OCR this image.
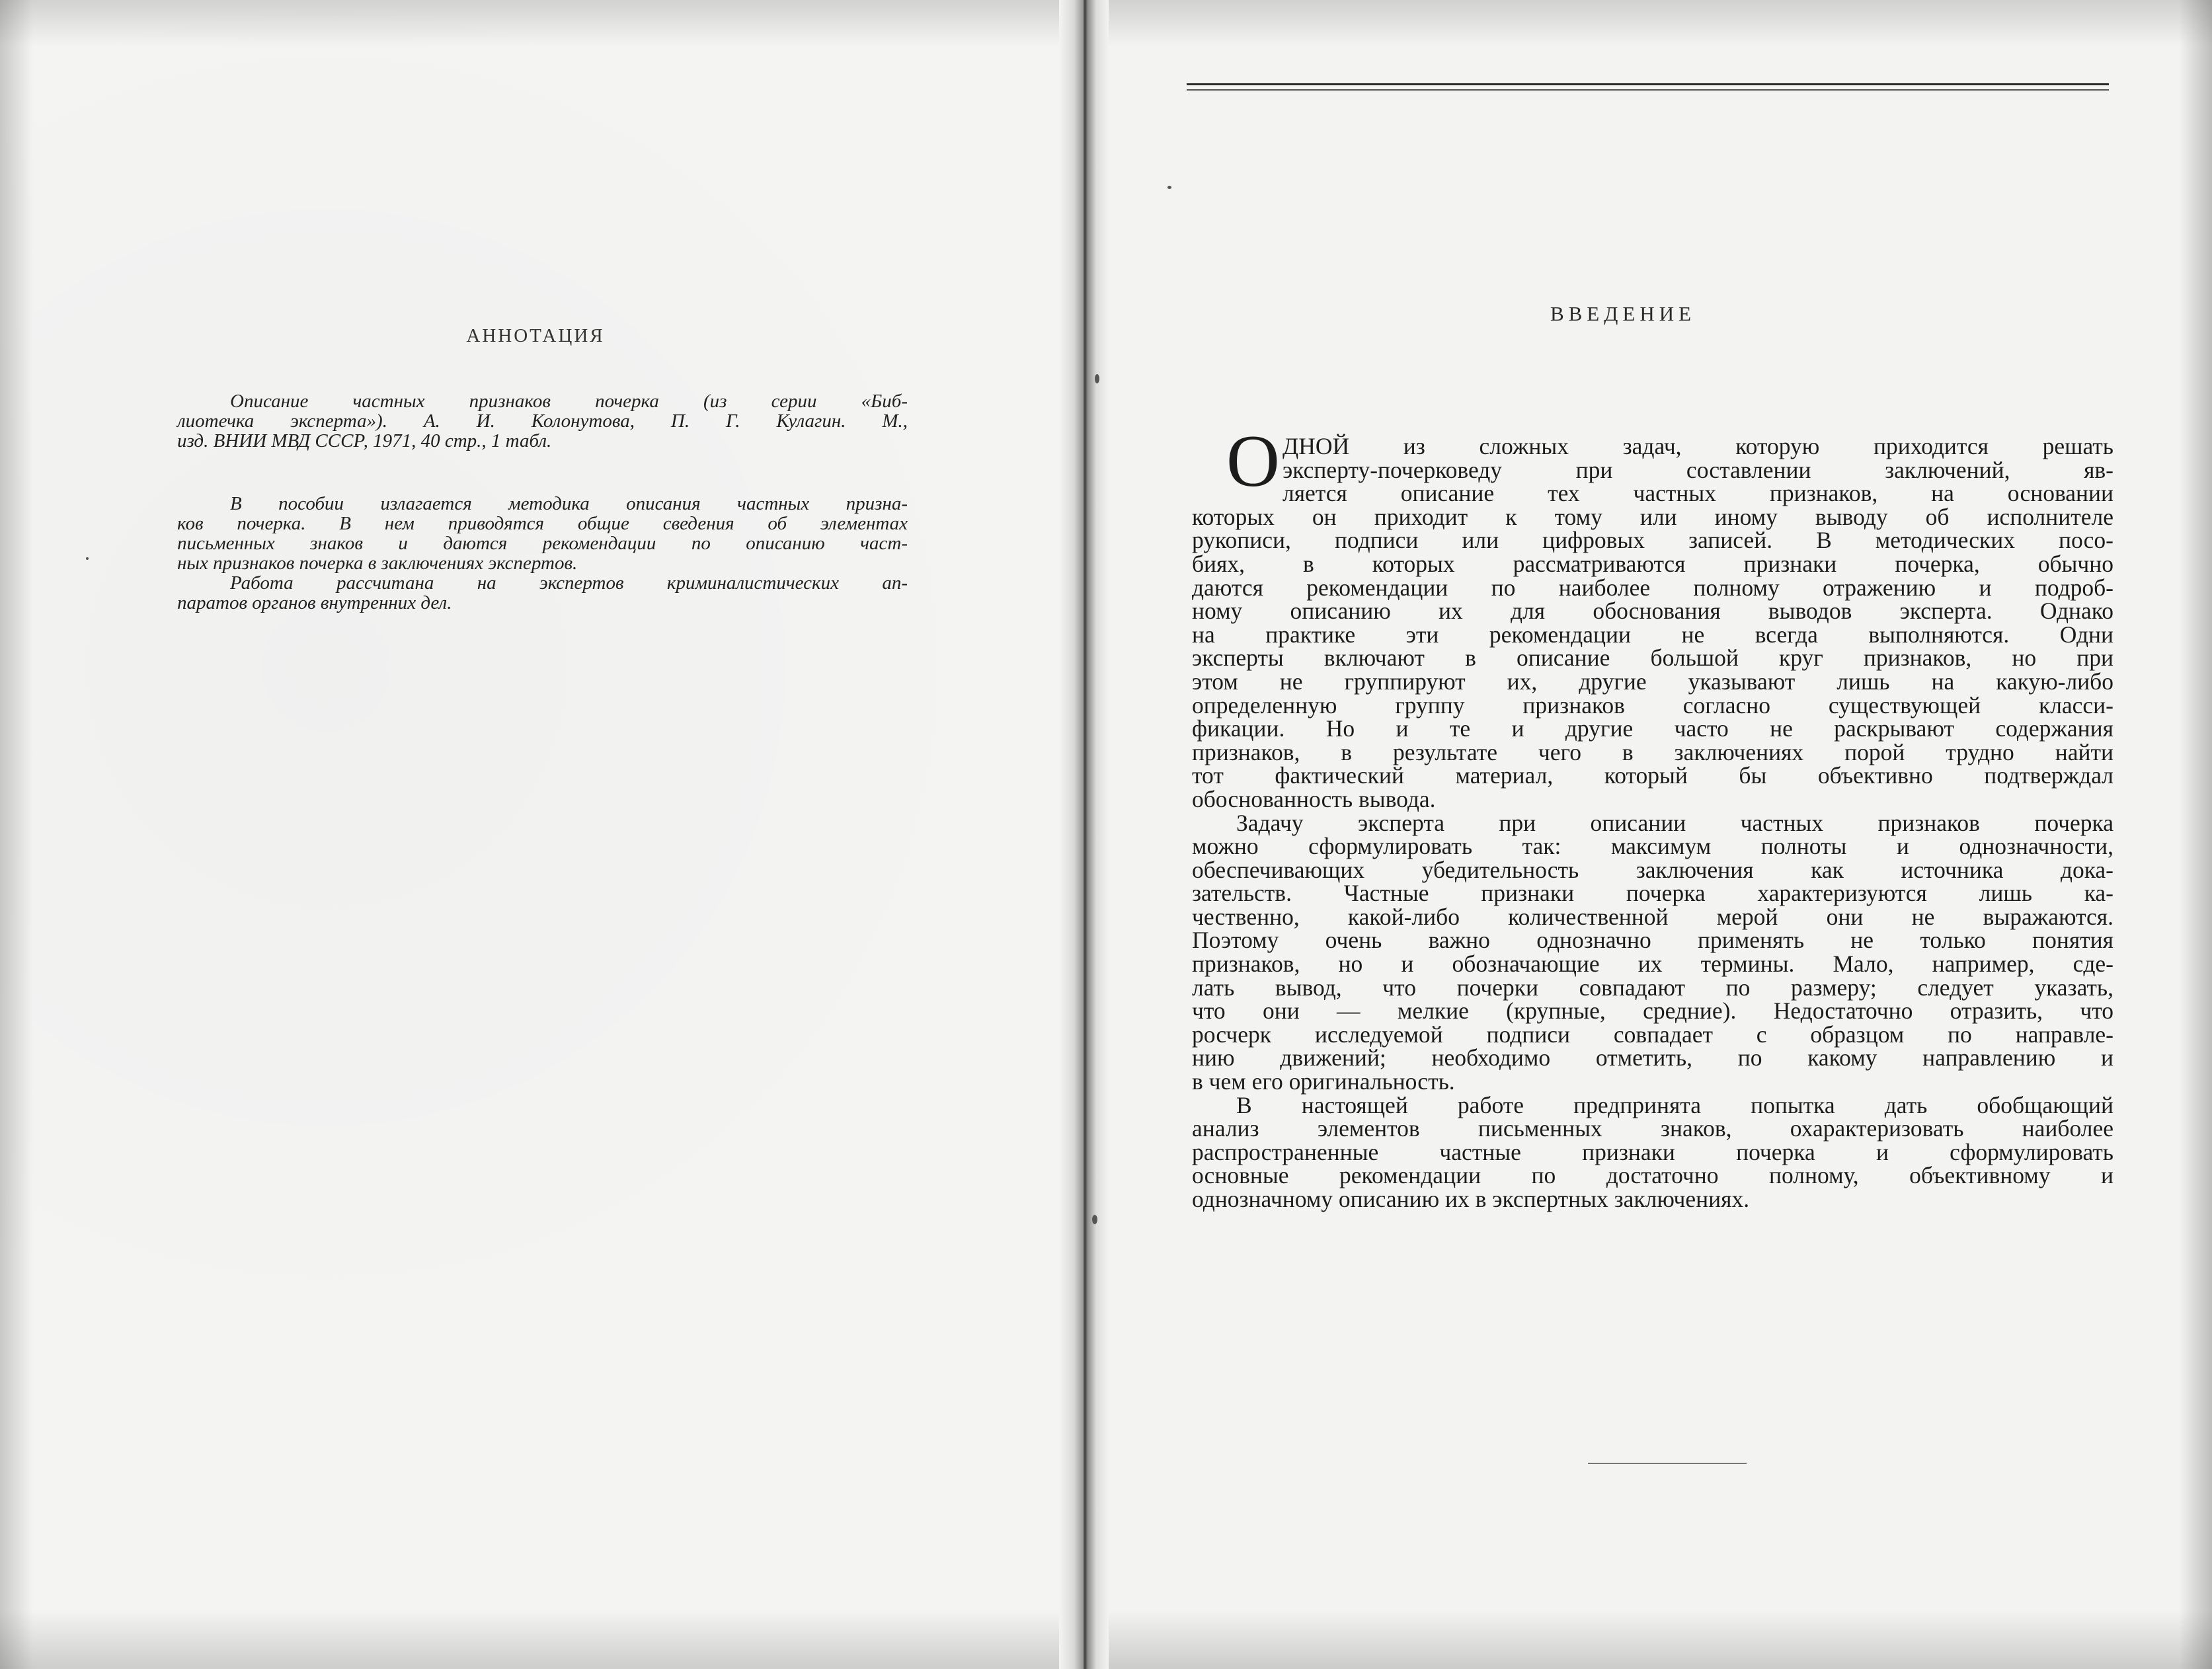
АННОТАЦИЯ
Описание частных признаков почерка (из серии «Биб-
лиотечка эксперта»). А. И. Колонутова, П. Г. Кулагин. М.,
изд. ВНИИ МВД СССР, 1971, 40 стр., 1 табл.
В пособии излагается методика описания частных призна-
ков почерка. В нем приводятся общие сведения об элементах
письменных знаков и даются рекомендации по описанию част-
ных признаков почерка в заключениях экспертов.
Работа рассчитана на экспертов криминалистических ап-
паратов органов внутренних дел.
ВВЕДЕНИЕ
О ДНОЙ из сложных задач, которую приходится решать
эксперту-почерковеду при составлении заключений, яв-
ляется описание тех частных признаков, на основании
которых он приходит к тому или иному выводу об исполнителе
рукописи, подписи или цифровых записей. В методических посо-
биях, в которых рассматриваются признаки почерка, обычно
даются рекомендации по наиболее полному отражению и подроб-
ному описанию их для обоснования выводов эксперта. Однако
на практике эти рекомендации не всегда выполняются. Одни
эксперты включают в описание большой круг признаков, но при
этом не группируют их, другие указывают лишь на какую-либо
определенную группу признаков согласно существующей класси-
фикации. Но и те и другие часто не раскрывают содержания
признаков, в результате чего в заключениях порой трудно найти
тот фактический материал, который бы объективно подтверждал
обоснованность вывода.
Задачу эксперта при описании частных признаков почерка
можно сформулировать так: максимум полноты и однозначности,
обеспечивающих убедительность заключения как источника дока-
зательств. Частные признаки почерка характеризуются лишь ка-
чественно, какой-либо количественной мерой они не выражаются.
Поэтому очень важно однозначно применять не только понятия
признаков, но и обозначающие их термины. Мало, например, сде-
лать вывод, что почерки совпадают по размеру; следует указать,
что они — мелкие (крупные, средние). Недостаточно отразить, что
росчерк исследуемой подписи совпадает с образцом по направле-
нию движений; необходимо отметить, по какому направлению и
в чем его оригинальность.
В настоящей работе предпринята попытка дать обобщающий
анализ элементов письменных знаков, охарактеризовать наиболее
распространенные частные признаки почерка и сформулировать
основные рекомендации по достаточно полному, объективному и
однозначному описанию их в экспертных заключениях.
